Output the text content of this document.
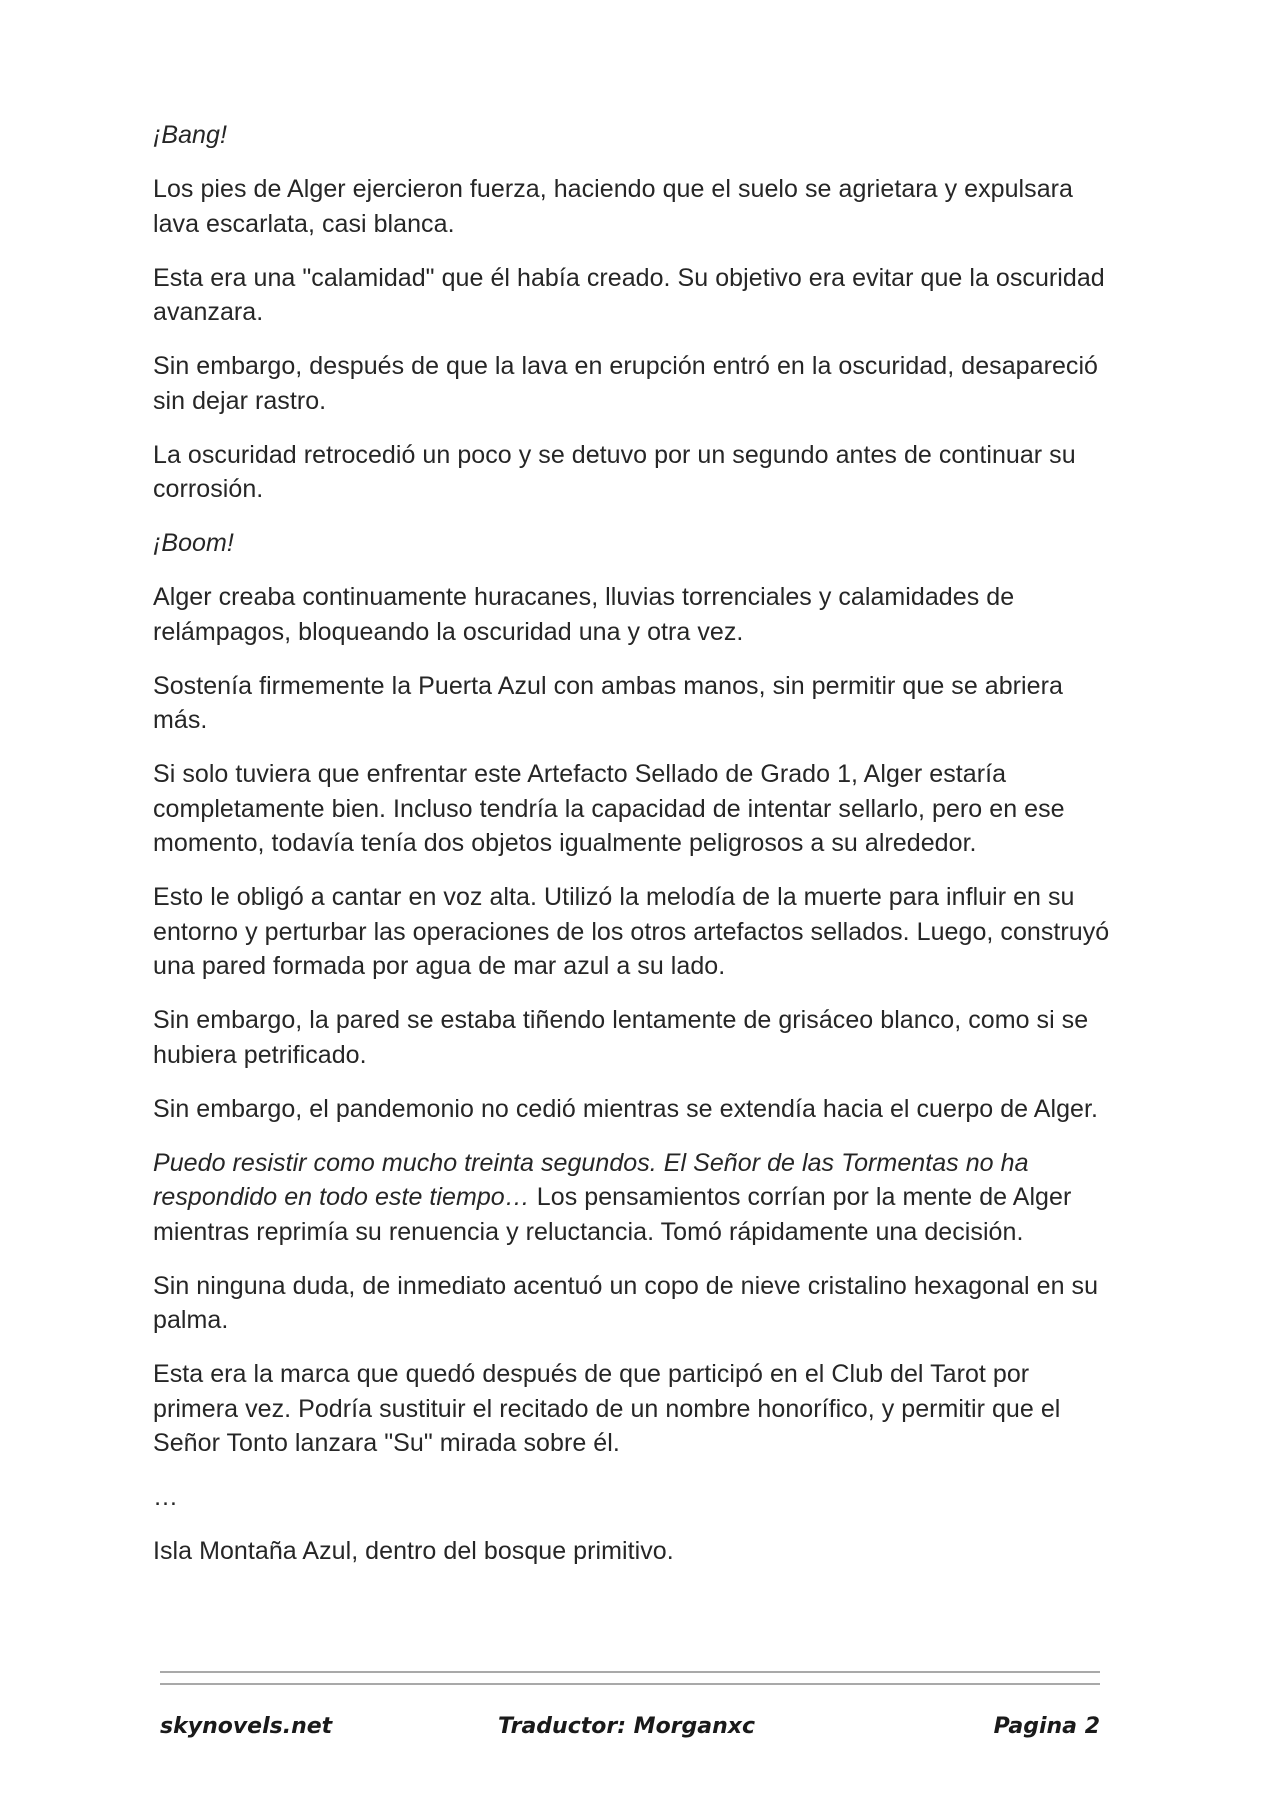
¡Bang!

Los pies de Alger ejercieron fuerza, haciendo que el suelo se agrietara y expulsara lava escarlata, casi blanca.

Esta era una "calamidad" que él había creado. Su objetivo era evitar que la oscuridad avanzara.

Sin embargo, después de que la lava en erupción entró en la oscuridad, desapareció sin dejar rastro.

La oscuridad retrocedió un poco y se detuvo por un segundo antes de continuar su corrosión.

¡Boom!

Alger creaba continuamente huracanes, lluvias torrenciales y calamidades de relámpagos, bloqueando la oscuridad una y otra vez.

Sostenía firmemente la Puerta Azul con ambas manos, sin permitir que se abriera más.

Si solo tuviera que enfrentar este Artefacto Sellado de Grado 1, Alger estaría completamente bien. Incluso tendría la capacidad de intentar sellarlo, pero en ese momento, todavía tenía dos objetos igualmente peligrosos a su alrededor.

Esto le obligó a cantar en voz alta. Utilizó la melodía de la muerte para influir en su entorno y perturbar las operaciones de los otros artefactos sellados. Luego, construyó una pared formada por agua de mar azul a su lado.

Sin embargo, la pared se estaba tiñendo lentamente de grisáceo blanco, como si se hubiera petrificado.

Sin embargo, el pandemonio no cedió mientras se extendía hacia el cuerpo de Alger.

Puedo resistir como mucho treinta segundos. El Señor de las Tormentas no ha respondido en todo este tiempo… Los pensamientos corrían por la mente de Alger mientras reprimía su renuencia y reluctancia. Tomó rápidamente una decisión.

Sin ninguna duda, de inmediato acentuó un copo de nieve cristalino hexagonal en su palma.

Esta era la marca que quedó después de que participó en el Club del Tarot por primera vez. Podría sustituir el recitado de un nombre honorífico, y permitir que el Señor Tonto lanzara "Su" mirada sobre él.

…

Isla Montaña Azul, dentro del bosque primitivo.

skynovels.net	Traductor: Morganxc	Pagina 2
